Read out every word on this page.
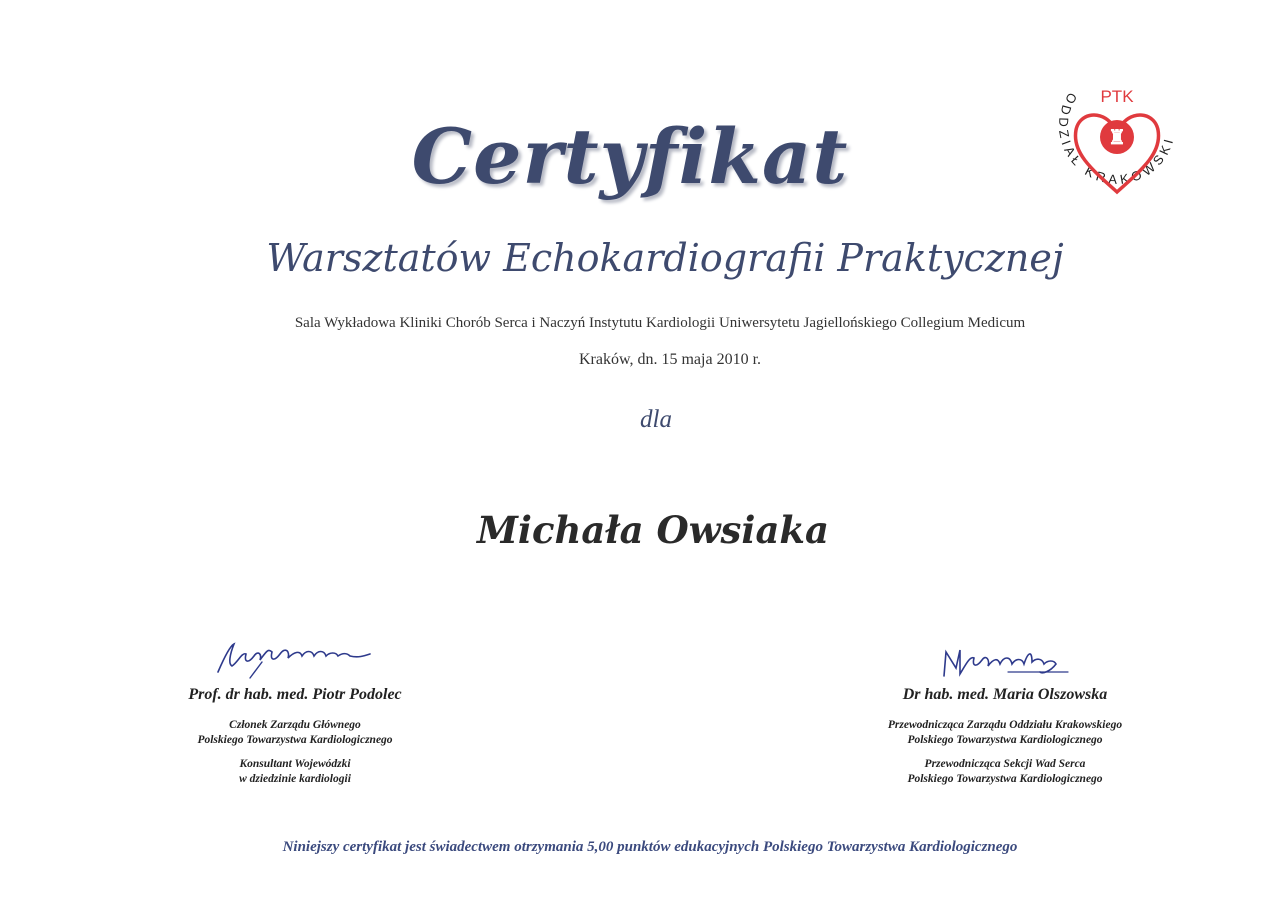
Certyfikat
Warsztatów Echokardiografii Praktycznej
Sala Wykładowa Kliniki Chorób Serca i Naczyń Instytutu Kardiologii Uniwersytetu Jagiellońskiego Collegium Medicum
Kraków, dn. 15 maja 2010 r.
dla
Michała Owsiaka
ODDZIAŁ KRAKOWSKI
PTK
♜
Prof. dr hab. med. Piotr Podolec
Członek Zarządu Głównego
Polskiego Towarzystwa Kardiologicznego
Konsultant Wojewódzki
w dziedzinie kardiologii
Dr hab. med. Maria Olszowska
Przewodnicząca Zarządu Oddziału Krakowskiego
Polskiego Towarzystwa Kardiologicznego
Przewodnicząca Sekcji Wad Serca
Polskiego Towarzystwa Kardiologicznego
Niniejszy certyfikat jest świadectwem otrzymania 5,00 punktów edukacyjnych Polskiego Towarzystwa Kardiologicznego
